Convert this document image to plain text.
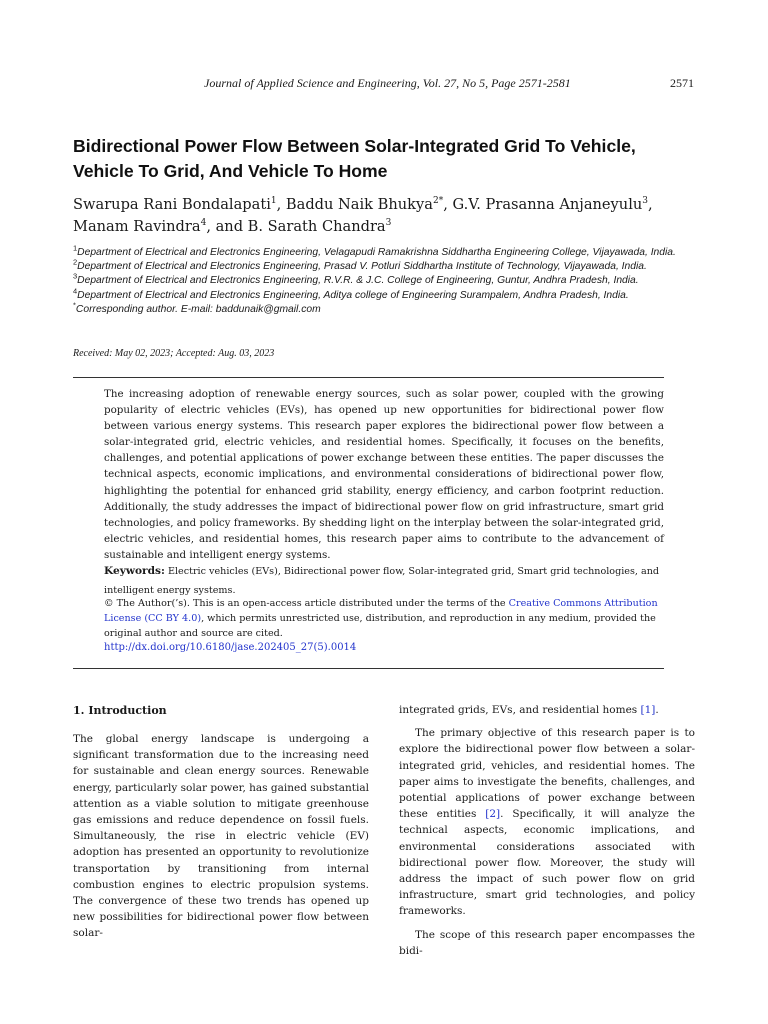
Journal of Applied Science and Engineering, Vol. 27, No 5, Page 2571-2581	2571
Bidirectional Power Flow Between Solar-Integrated Grid To Vehicle, Vehicle To Grid, And Vehicle To Home
Swarupa Rani Bondalapati$^1$, Baddu Naik Bhukya$^{2*}$, G.V. Prasanna Anjaneyulu$^3$, Manam Ravindra$^4$, and B. Sarath Chandra$^3$
$^1$Department of Electrical and Electronics Engineering, Velagapudi Ramakrishna Siddhartha Engineering College, Vijayawada, India.
$^2$Department of Electrical and Electronics Engineering, Prasad V. Potluri Siddhartha Institute of Technology, Vijayawada, India.
$^3$Department of Electrical and Electronics Engineering, R.V.R. & J.C. College of Engineering, Guntur, Andhra Pradesh, India.
$^4$Department of Electrical and Electronics Engineering, Aditya college of Engineering Surampalem, Andhra Pradesh, India.
*Corresponding author. E-mail: baddunaik@gmail.com
Received: May 02, 2023; Accepted: Aug. 03, 2023

The increasing adoption of renewable energy sources, such as solar power, coupled with the growing popularity of electric vehicles (EVs), has opened up new opportunities for bidirectional power flow between various energy systems. This research paper explores the bidirectional power flow between a solar-integrated grid, electric vehicles, and residential homes. Specifically, it focuses on the benefits, challenges, and potential applications of power exchange between these entities. The paper discusses the technical aspects, economic implications, and environmental considerations of bidirectional power flow, highlighting the potential for enhanced grid stability, energy efficiency, and carbon footprint reduction. Additionally, the study addresses the impact of bidirectional power flow on grid infrastructure, smart grid technologies, and policy frameworks. By shedding light on the interplay between the solar-integrated grid, electric vehicles, and residential homes, this research paper aims to contribute to the advancement of sustainable and intelligent energy systems.

Keywords: Electric vehicles (EVs), Bidirectional power flow, Solar-integrated grid, Smart grid technologies, and intelligent energy systems.
© The Author(’s). This is an open-access article distributed under the terms of the Creative Commons Attribution License (CC BY 4.0), which permits unrestricted use, distribution, and reproduction in any medium, provided the original author and source are cited.
http://dx.doi.org/10.6180/jase.202405_27(5).0014
1. Introduction

The global energy landscape is undergoing a significant transformation due to the increasing need for sustainable and clean energy sources. Renewable energy, particularly solar power, has gained substantial attention as a viable solution to mitigate greenhouse gas emissions and reduce dependence on fossil fuels. Simultaneously, the rise in electric vehicle (EV) adoption has presented an opportunity to revolutionize transportation by transitioning from internal combustion engines to electric propulsion systems. The convergence of these two trends has opened up new possibilities for bidirectional power flow between solar-

integrated grids, EVs, and residential homes [1].

The primary objective of this research paper is to explore the bidirectional power flow between a solar-integrated grid, vehicles, and residential homes. The paper aims to investigate the benefits, challenges, and potential applications of power exchange between these entities [2]. Specifically, it will analyze the technical aspects, economic implications, and environmental considerations associated with bidirectional power flow. Moreover, the study will address the impact of such power flow on grid infrastructure, smart grid technologies, and policy frameworks.

The scope of this research paper encompasses the bidi-
